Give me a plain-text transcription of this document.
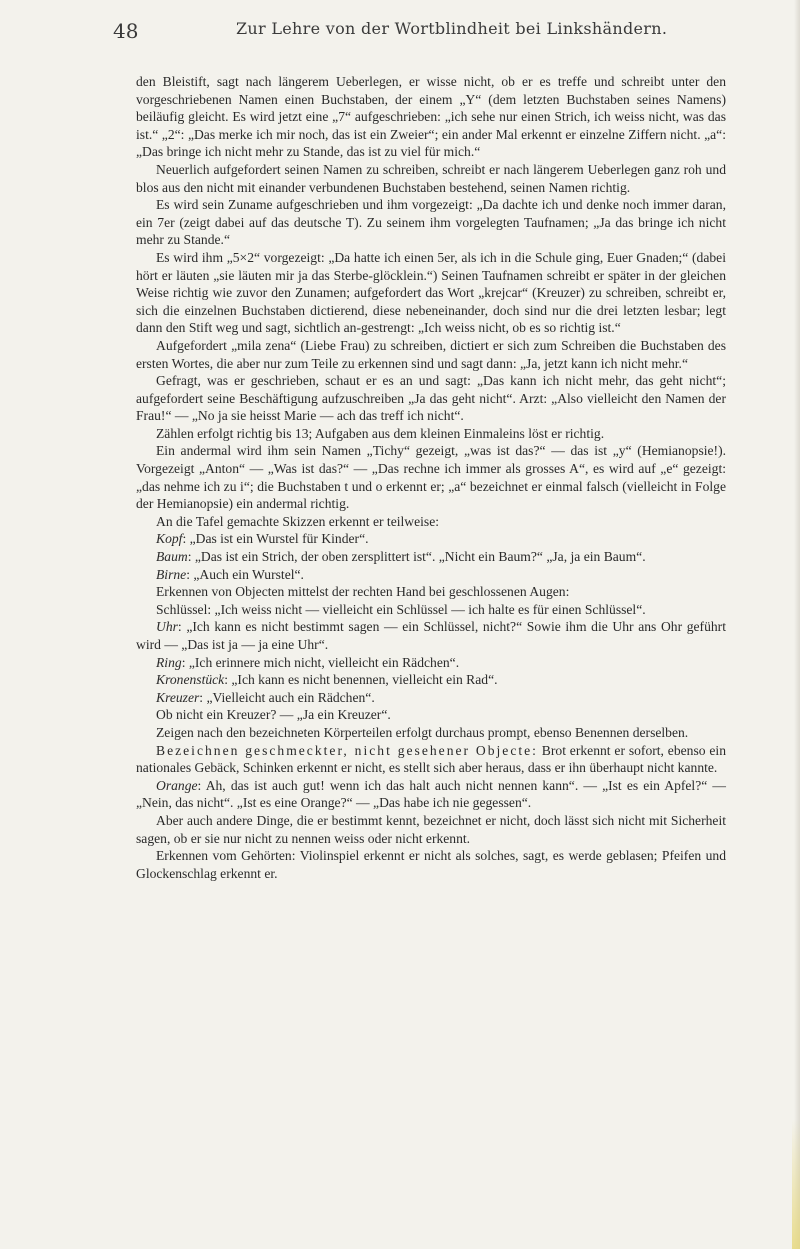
48	Zur Lehre von der Wortblindheit bei Linkshändern.

den Bleistift, sagt nach längerem Ueberlegen, er wisse nicht, ob er es treffe und schreibt unter den vorgeschriebenen Namen einen Buchstaben, der einem „Y“ (dem letzten Buchstaben seines Namens) beiläufig gleicht. Es wird jetzt eine „7“ aufgeschrieben: „ich sehe nur einen Strich, ich weiss nicht, was das ist.“ „2“: „Das merke ich mir noch, das ist ein Zweier“; ein ander Mal erkennt er einzelne Ziffern nicht. „a“: „Das bringe ich nicht mehr zu Stande, das ist zu viel für mich.“

Neuerlich aufgefordert seinen Namen zu schreiben, schreibt er nach längerem Ueberlegen ganz roh und blos aus den nicht mit einander verbundenen Buchstaben bestehend, seinen Namen richtig.

Es wird sein Zuname aufgeschrieben und ihm vorgezeigt: „Da dachte ich und denke noch immer daran, ein 7er (zeigt dabei auf das deutsche T). Zu seinem ihm vorgelegten Taufnamen; „Ja das bringe ich nicht mehr zu Stande.“

Es wird ihm „5×2“ vorgezeigt: „Da hatte ich einen 5er, als ich in die Schule ging, Euer Gnaden;“ (dabei hört er läuten „sie läuten mir ja das Sterbe-glöcklein.“) Seinen Taufnamen schreibt er später in der gleichen Weise richtig wie zuvor den Zunamen; aufgefordert das Wort „krejcar“ (Kreuzer) zu schreiben, schreibt er, sich die einzelnen Buchstaben dictierend, diese nebeneinander, doch sind nur die drei letzten lesbar; legt dann den Stift weg und sagt, sichtlich an-gestrengt: „Ich weiss nicht, ob es so richtig ist.“

Aufgefordert „mila zena“ (Liebe Frau) zu schreiben, dictiert er sich zum Schreiben die Buchstaben des ersten Wortes, die aber nur zum Teile zu erkennen sind und sagt dann: „Ja, jetzt kann ich nicht mehr.“

Gefragt, was er geschrieben, schaut er es an und sagt: „Das kann ich nicht mehr, das geht nicht“; aufgefordert seine Beschäftigung aufzuschreiben „Ja das geht nicht“. Arzt: „Also vielleicht den Namen der Frau!“ — „No ja sie heisst Marie — ach das treff ich nicht“.

Zählen erfolgt richtig bis 13; Aufgaben aus dem kleinen Einmaleins löst er richtig.

Ein andermal wird ihm sein Namen „Tichy“ gezeigt, „was ist das?“ — das ist „y“ (Hemianopsie!). Vorgezeigt „Anton“ — „Was ist das?“ — „Das rechne ich immer als grosses A“, es wird auf „e“ gezeigt: „das nehme ich zu i“; die Buchstaben t und o erkennt er; „a“ bezeichnet er einmal falsch (vielleicht in Folge der Hemianopsie) ein andermal richtig.

An die Tafel gemachte Skizzen erkennt er teilweise:

Kopf: „Das ist ein Wurstel für Kinder“.

Baum: „Das ist ein Strich, der oben zersplittert ist“. „Nicht ein Baum?“ „Ja, ja ein Baum“.

Birne: „Auch ein Wurstel“.

Erkennen von Objecten mittelst der rechten Hand bei geschlossenen Augen:

Schlüssel: „Ich weiss nicht — vielleicht ein Schlüssel — ich halte es für einen Schlüssel“.

Uhr: „Ich kann es nicht bestimmt sagen — ein Schlüssel, nicht?“ Sowie ihm die Uhr ans Ohr geführt wird — „Das ist ja — ja eine Uhr“.

Ring: „Ich erinnere mich nicht, vielleicht ein Rädchen“.

Kronenstück: „Ich kann es nicht benennen, vielleicht ein Rad“.

Kreuzer: „Vielleicht auch ein Rädchen“.

Ob nicht ein Kreuzer? — „Ja ein Kreuzer“.

Zeigen nach den bezeichneten Körperteilen erfolgt durchaus prompt, ebenso Benennen derselben.

Bezeichnen geschmeckter, nicht gesehener Objecte: Brot erkennt er sofort, ebenso ein nationales Gebäck, Schinken erkennt er nicht, es stellt sich aber heraus, dass er ihn überhaupt nicht kannte.

Orange: Ah, das ist auch gut! wenn ich das halt auch nicht nennen kann“. — „Ist es ein Apfel?“ — „Nein, das nicht“. „Ist es eine Orange?“ — „Das habe ich nie gegessen“.

Aber auch andere Dinge, die er bestimmt kennt, bezeichnet er nicht, doch lässt sich nicht mit Sicherheit sagen, ob er sie nur nicht zu nennen weiss oder nicht erkennt.

Erkennen vom Gehörten: Violinspiel erkennt er nicht als solches, sagt, es werde geblasen; Pfeifen und Glockenschlag erkennt er.
